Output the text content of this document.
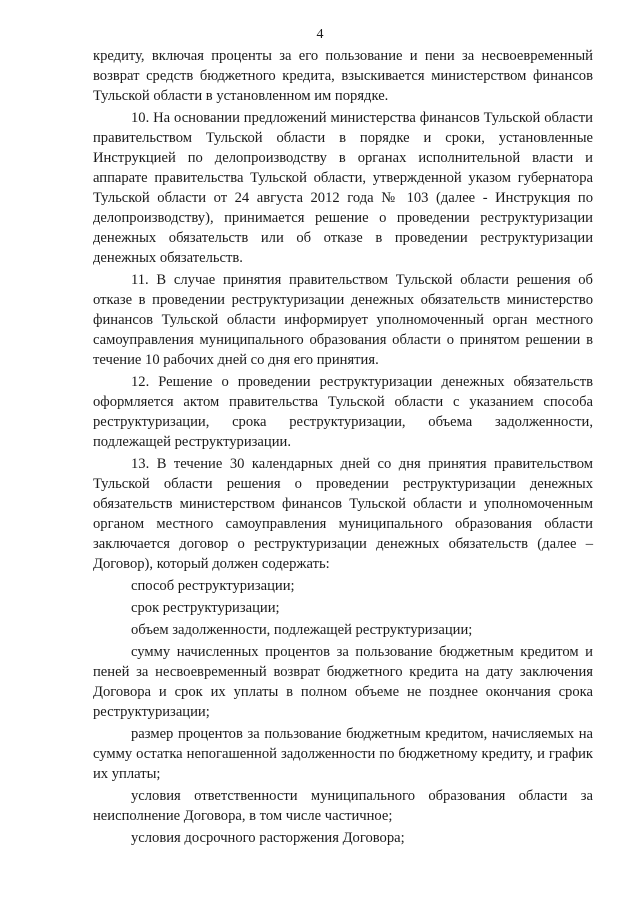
4

кредиту, включая проценты за его пользование и пени за несвоевременный возврат средств бюджетного кредита, взыскивается министерством финансов Тульской области в установленном им порядке.

10. На основании предложений министерства финансов Тульской области правительством Тульской области в порядке и сроки, установленные Инструкцией по делопроизводству в органах исполнительной власти и аппарате правительства Тульской области, утвержденной указом губернатора Тульской области от 24 августа 2012 года № 103 (далее - Инструкция по делопроизводству), принимается решение о проведении реструктуризации денежных обязательств или об отказе в проведении реструктуризации денежных обязательств.

11. В случае принятия правительством Тульской области решения об отказе в проведении реструктуризации денежных обязательств министерство финансов Тульской области информирует уполномоченный орган местного самоуправления муниципального образования области о принятом решении в течение 10 рабочих дней со дня его принятия.

12. Решение о проведении реструктуризации денежных обязательств оформляется актом правительства Тульской области с указанием способа реструктуризации, срока реструктуризации, объема задолженности, подлежащей реструктуризации.

13. В течение 30 календарных дней со дня принятия правительством Тульской области решения о проведении реструктуризации денежных обязательств министерством финансов Тульской области и уполномоченным органом местного самоуправления муниципального образования области заключается договор о реструктуризации денежных обязательств (далее – Договор), который должен содержать:

способ реструктуризации;

срок реструктуризации;

объем задолженности, подлежащей реструктуризации;

сумму начисленных процентов за пользование бюджетным кредитом и пеней за несвоевременный возврат бюджетного кредита на дату заключения Договора и срок их уплаты в полном объеме не позднее окончания срока реструктуризации;

размер процентов за пользование бюджетным кредитом, начисляемых на сумму остатка непогашенной задолженности по бюджетному кредиту, и график их уплаты;

условия ответственности муниципального образования области за неисполнение Договора, в том числе частичное;

условия досрочного расторжения Договора;
